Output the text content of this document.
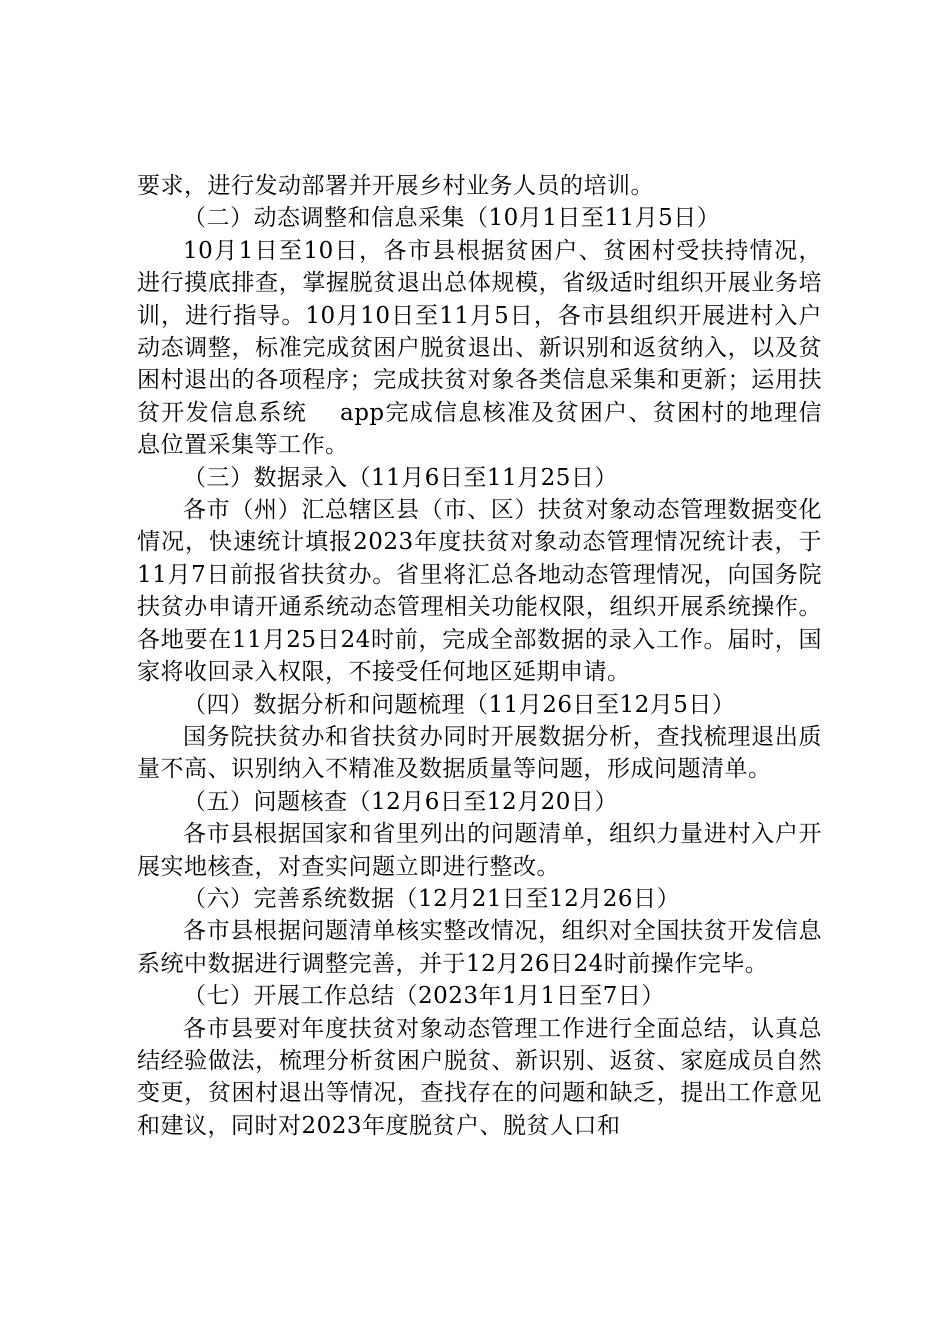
要求，进行发动部署并开展乡村业务人员的培训。

（二）动态调整和信息采集（10月1日至11月5日）

10月1日至10日，各市县根据贫困户、贫困村受扶持情况，进行摸底排查，掌握脱贫退出总体规模，省级适时组织开展业务培训，进行指导。10月10日至11月5日，各市县组织开展进村入户动态调整，标准完成贫困户脱贫退出、新识别和返贫纳入，以及贫困村退出的各项程序；完成扶贫对象各类信息采集和更新；运用扶贫开发信息系统　 app完成信息核准及贫困户、贫困村的地理信息位置采集等工作。

（三）数据录入（11月6日至11月25日）

各市（州）汇总辖区县（市、区）扶贫对象动态管理数据变化情况，快速统计填报2023年度扶贫对象动态管理情况统计表，于11月7日前报省扶贫办。省里将汇总各地动态管理情况，向国务院扶贫办申请开通系统动态管理相关功能权限，组织开展系统操作。各地要在11月25日24时前，完成全部数据的录入工作。届时，国家将收回录入权限，不接受任何地区延期申请。

（四）数据分析和问题梳理（11月26日至12月5日）

国务院扶贫办和省扶贫办同时开展数据分析，查找梳理退出质量不高、识别纳入不精准及数据质量等问题，形成问题清单。

（五）问题核查（12月6日至12月20日）

各市县根据国家和省里列出的问题清单，组织力量进村入户开展实地核查，对查实问题立即进行整改。

（六）完善系统数据（12月21日至12月26日）

各市县根据问题清单核实整改情况，组织对全国扶贫开发信息系统中数据进行调整完善，并于12月26日24时前操作完毕。

（七）开展工作总结（2023年1月1日至7日）

各市县要对年度扶贫对象动态管理工作进行全面总结，认真总结经验做法，梳理分析贫困户脱贫、新识别、返贫、家庭成员自然变更，贫困村退出等情况，查找存在的问题和缺乏，提出工作意见和建议，同时对2023年度脱贫户、脱贫人口和
